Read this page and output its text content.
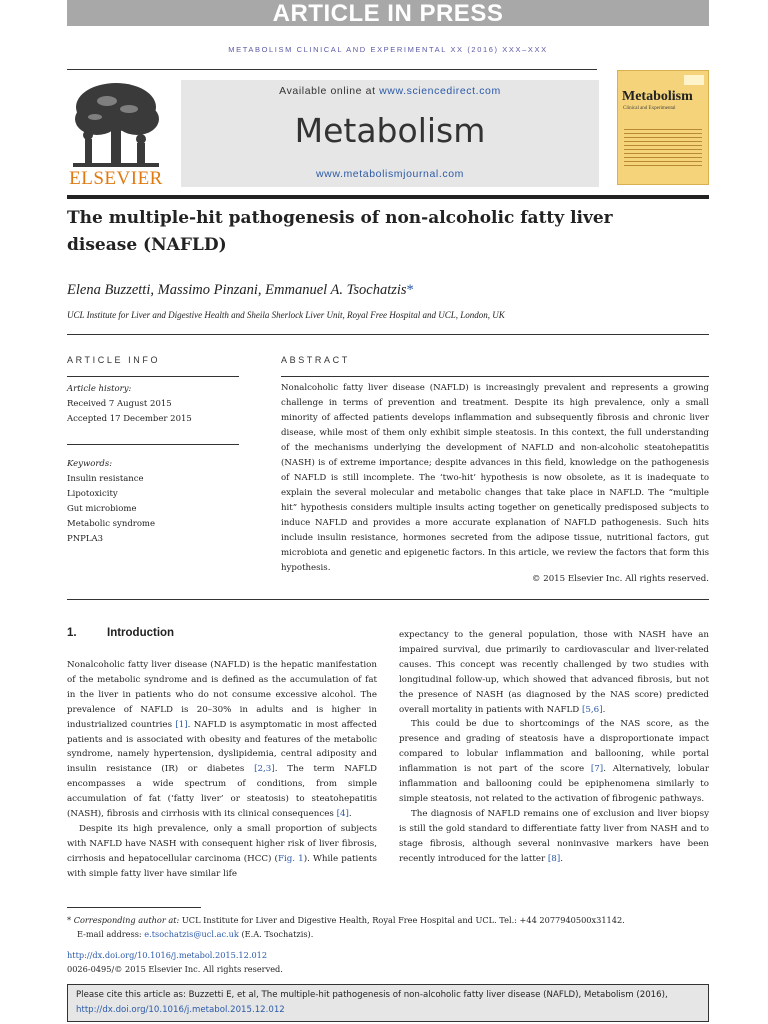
ARTICLE IN PRESS
METABOLISM CLINICAL AND EXPERIMENTAL XX (2016) XXX–XXX
ELSEVIER
Available online at www.sciencedirect.com
Metabolism
www.metabolismjournal.com
Metabolism
Clinical and Experimental
The multiple-hit pathogenesis of non-alcoholic fatty liver disease (NAFLD)
Elena Buzzetti, Massimo Pinzani, Emmanuel A. Tsochatzis*
UCL Institute for Liver and Digestive Health and Sheila Sherlock Liver Unit, Royal Free Hospital and UCL, London, UK
ARTICLE INFO	ABSTRACT
Article history:
Received 7 August 2015
Accepted 17 December 2015
Keywords:
Insulin resistance
Lipotoxicity
Gut microbiome
Metabolic syndrome
PNPLA3
Nonalcoholic fatty liver disease (NAFLD) is increasingly prevalent and represents a growing challenge in terms of prevention and treatment. Despite its high prevalence, only a small minority of affected patients develops inflammation and subsequently fibrosis and chronic liver disease, while most of them only exhibit simple steatosis. In this context, the full understanding of the mechanisms underlying the development of NAFLD and non-alcoholic steatohepatitis (NASH) is of extreme importance; despite advances in this field, knowledge on the pathogenesis of NAFLD is still incomplete. The ‘two-hit’ hypothesis is now obsolete, as it is inadequate to explain the several molecular and metabolic changes that take place in NAFLD. The “multiple hit” hypothesis considers multiple insults acting together on genetically predisposed subjects to induce NAFLD and provides a more accurate explanation of NAFLD pathogenesis. Such hits include insulin resistance, hormones secreted from the adipose tissue, nutritional factors, gut microbiota and genetic and epigenetic factors. In this article, we review the factors that form this hypothesis.
© 2015 Elsevier Inc. All rights reserved.
1.	Introduction

Nonalcoholic fatty liver disease (NAFLD) is the hepatic manifestation of the metabolic syndrome and is defined as the accumulation of fat in the liver in patients who do not consume excessive alcohol. The prevalence of NAFLD is 20–30% in adults and is higher in industrialized countries [1]. NAFLD is asymptomatic in most affected patients and is associated with obesity and features of the metabolic syndrome, namely hypertension, dyslipidemia, central adiposity and insulin resistance (IR) or diabetes [2,3]. The term NAFLD encompasses a wide spectrum of conditions, from simple accumulation of fat (‘fatty liver’ or steatosis) to steatohepatitis (NASH), fibrosis and cirrhosis with its clinical consequences [4].

Despite its high prevalence, only a small proportion of subjects with NAFLD have NASH with consequent higher risk of liver fibrosis, cirrhosis and hepatocellular carcinoma (HCC) (Fig. 1). While patients with simple fatty liver have similar life

expectancy to the general population, those with NASH have an impaired survival, due primarily to cardiovascular and liver-related causes. This concept was recently challenged by two studies with longitudinal follow-up, which showed that advanced fibrosis, but not the presence of NASH (as diagnosed by the NAS score) predicted overall mortality in patients with NAFLD [5,6].

This could be due to shortcomings of the NAS score, as the presence and grading of steatosis have a disproportionate impact compared to lobular inflammation and ballooning, while portal inflammation is not part of the score [7]. Alternatively, lobular inflammation and ballooning could be epiphenomena similarly to simple steatosis, not related to the activation of fibrogenic pathways.

The diagnosis of NAFLD remains one of exclusion and liver biopsy is still the gold standard to differentiate fatty liver from NASH and to stage fibrosis, although several noninvasive markers have been recently introduced for the latter [8].

* Corresponding author at: UCL Institute for Liver and Digestive Health, Royal Free Hospital and UCL. Tel.: +44 2077940500x31142.
E-mail address: e.tsochatzis@ucl.ac.uk (E.A. Tsochatzis).
http://dx.doi.org/10.1016/j.metabol.2015.12.012
0026-0495/© 2015 Elsevier Inc. All rights reserved.
Please cite this article as: Buzzetti E, et al, The multiple-hit pathogenesis of non-alcoholic fatty liver disease (NAFLD), Metabolism (2016), http://dx.doi.org/10.1016/j.metabol.2015.12.012
